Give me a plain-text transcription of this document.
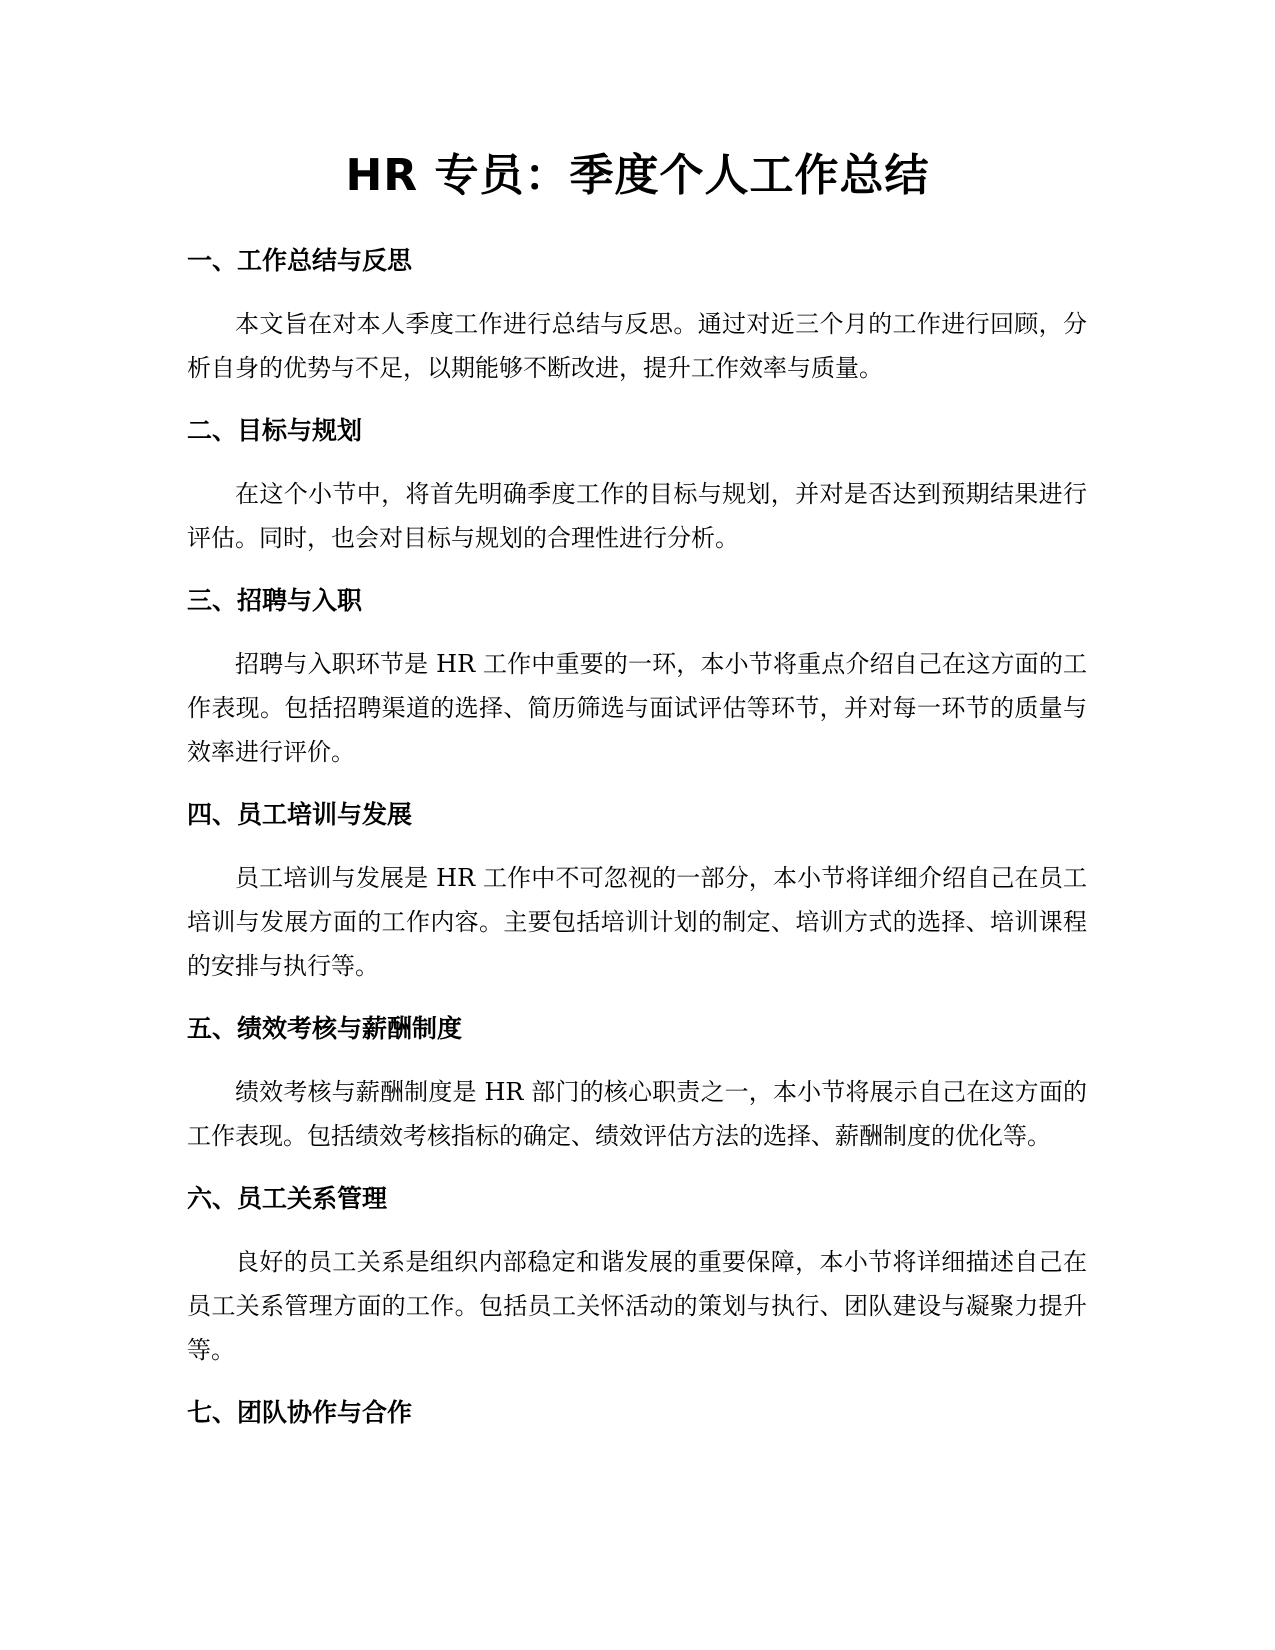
HR 专员：季度个人工作总结
一、工作总结与反思

本文旨在对本人季度工作进行总结与反思。通过对近三个月的工作进行回顾，分析自身的优势与不足，以期能够不断改进，提升工作效率与质量。

二、目标与规划

在这个小节中，将首先明确季度工作的目标与规划，并对是否达到预期结果进行评估。同时，也会对目标与规划的合理性进行分析。

三、招聘与入职

招聘与入职环节是 HR 工作中重要的一环，本小节将重点介绍自己在这方面的工作表现。包括招聘渠道的选择、简历筛选与面试评估等环节，并对每一环节的质量与效率进行评价。

四、员工培训与发展

员工培训与发展是 HR 工作中不可忽视的一部分，本小节将详细介绍自己在员工培训与发展方面的工作内容。主要包括培训计划的制定、培训方式的选择、培训课程的安排与执行等。

五、绩效考核与薪酬制度

绩效考核与薪酬制度是 HR 部门的核心职责之一，本小节将展示自己在这方面的工作表现。包括绩效考核指标的确定、绩效评估方法的选择、薪酬制度的优化等。

六、员工关系管理

良好的员工关系是组织内部稳定和谐发展的重要保障，本小节将详细描述自己在员工关系管理方面的工作。包括员工关怀活动的策划与执行、团队建设与凝聚力提升等。

七、团队协作与合作
